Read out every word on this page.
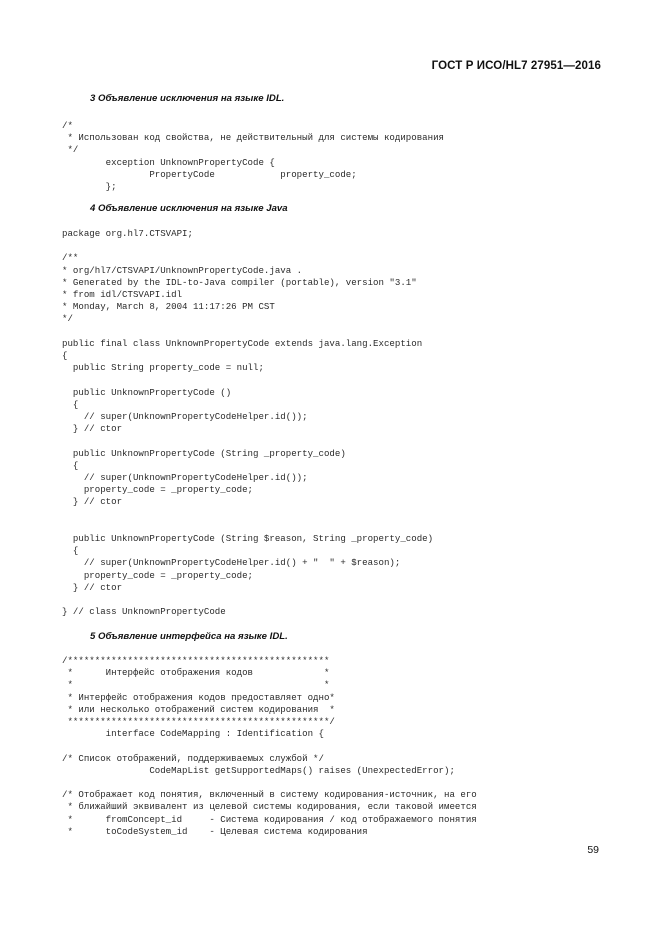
ГОСТ Р ИСО/HL7 27951—2016
3 Объявление исключения на языке IDL.
/*
* Использован код свойства, не действительный для системы кодирования
*/
exception UnknownPropertyCode {
PropertyCode            property_code;
};
4 Объявление исключения на языке Java
package org.hl7.CTSVAPI;

/**
* org/hl7/CTSVAPI/UnknownPropertyCode.java .
* Generated by the IDL-to-Java compiler (portable), version "3.1"
* from idl/CTSVAPI.idl
* Monday, March 8, 2004 11:17:26 PM CST
*/

public final class UnknownPropertyCode extends java.lang.Exception
{
public String property_code = null;

public UnknownPropertyCode ()
{
// super(UnknownPropertyCodeHelper.id());
} // ctor

public UnknownPropertyCode (String _property_code)
{
// super(UnknownPropertyCodeHelper.id());
property_code = _property_code;
} // ctor

public UnknownPropertyCode (String $reason, String _property_code)
{
// super(UnknownPropertyCodeHelper.id() + "  " + $reason);
property_code = _property_code;
} // ctor

} // class UnknownPropertyCode
5 Объявление интерфейса на языке IDL.
/************************************************
*      Интерфейс отображения кодов             *
*                                              *
* Интерфейс отображения кодов предоставляет одно*
* или несколько отображений систем кодирования  *
************************************************/
interface CodeMapping : Identification {

/* Список отображений, поддерживаемых службой */
CodeMapList getSupportedMaps() raises (UnexpectedError);

/* Отображает код понятия, включенный в систему кодирования-источник, на его
* ближайший эквивалент из целевой системы кодирования, если таковой имеется
*      fromConcept_id     - Система кодирования / код отображаемого понятия
*      toCodeSystem_id    - Целевая система кодирования
59
